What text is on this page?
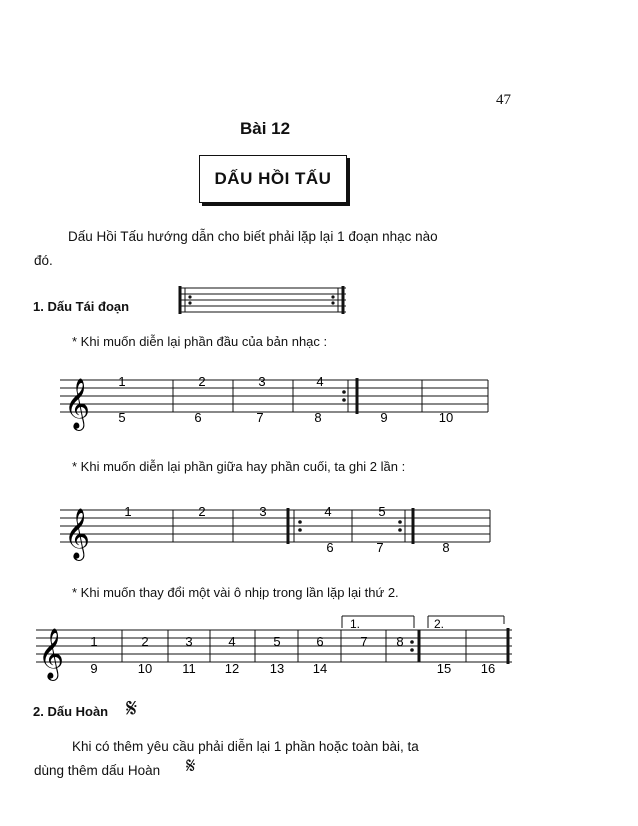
47
Bài 12
DẤU HỒI TẤU
Dấu Hồi Tấu hướng dẫn cho biết phải lặp lại 1 đoạn nhạc nào
đó.
1. Dấu Tái đoạn
* Khi muốn diễn lại phần đầu của bản nhạc :
𝄞 1	2	3	4
5	6	7	8	9	10
* Khi muốn diễn lại phần giữa hay phần cuối, ta ghi 2 lần :
𝄞	1	2	3	4	5
6	7	8
* Khi muốn thay đổi một vài ô nhịp trong lần lặp lại thứ 2.
1.	2.
𝄞 1	2	3	4	5	6	7 8
9	10 11 12 13 14	15 16
2. Dấu Hoàn 𝄋
Khi có thêm yêu cầu phải diễn lại 1 phần hoặc toàn bài, ta
dùng thêm dấu Hoàn 𝄋
